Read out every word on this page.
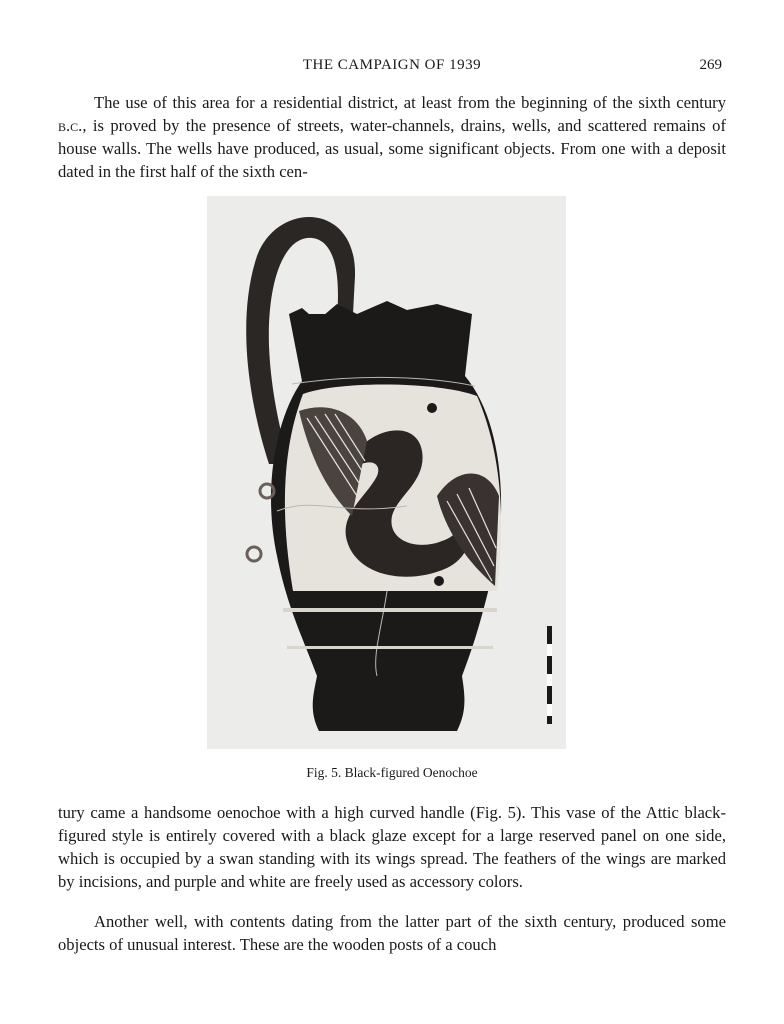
THE CAMPAIGN OF 1939	269

The use of this area for a residential district, at least from the beginning of the sixth century b.c., is proved by the presence of streets, water-channels, drains, wells, and scattered remains of house walls. The wells have produced, as usual, some significant objects. From one with a deposit dated in the first half of the sixth cen-

Fig. 5. Black-figured Oenochoe

tury came a handsome oenochoe with a high curved handle (Fig. 5). This vase of the Attic black-figured style is entirely covered with a black glaze except for a large reserved panel on one side, which is occupied by a swan standing with its wings spread. The feathers of the wings are marked by incisions, and purple and white are freely used as accessory colors.

Another well, with contents dating from the latter part of the sixth century, produced some objects of unusual interest. These are the wooden posts of a couch
